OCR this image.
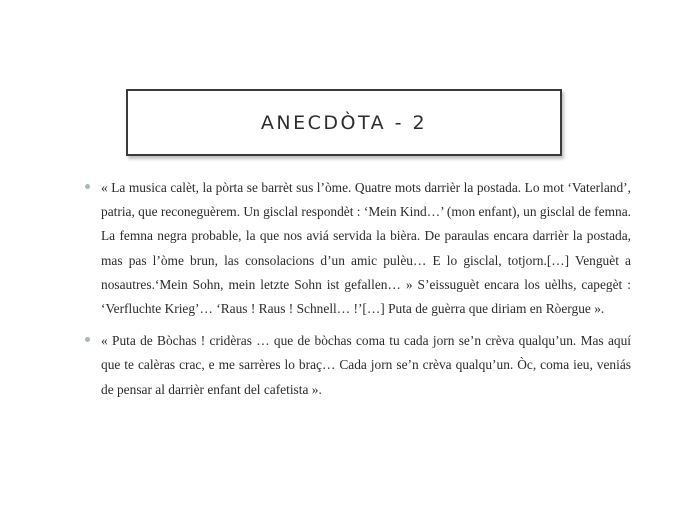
ANECDÒTA - 2

« La musica calèt, la pòrta se barrèt sus l’òme. Quatre mots darrièr la postada. Lo mot ‘Vaterland’, patria, que reconeguèrem. Un gisclal respondèt : ‘Mein Kind…’ (mon enfant), un gisclal de femna. La femna negra probable, la que nos aviá servida la bièra. De paraulas encara darrièr la postada, mas pas l’òme brun, las consolacions d’un amic pulèu… E lo gisclal, totjorn.[…] Venguèt a nosautres.‘Mein Sohn, mein letzte Sohn ist gefallen… » S’eissuguèt encara los uèlhs, capegèt : ‘Verfluchte Krieg’… ‘Raus ! Raus ! Schnell… !’[…] Puta de guèrra que diriam en Ròergue ».

« Puta de Bòchas ! cridèras … que de bòchas coma tu cada jorn se’n crèva qualqu’un. Mas aquí que te calèras crac, e me sarrères lo braç… Cada jorn se’n crèva qualqu’un. Òc, coma ieu, veniás de pensar al darrièr enfant del cafetista ».
